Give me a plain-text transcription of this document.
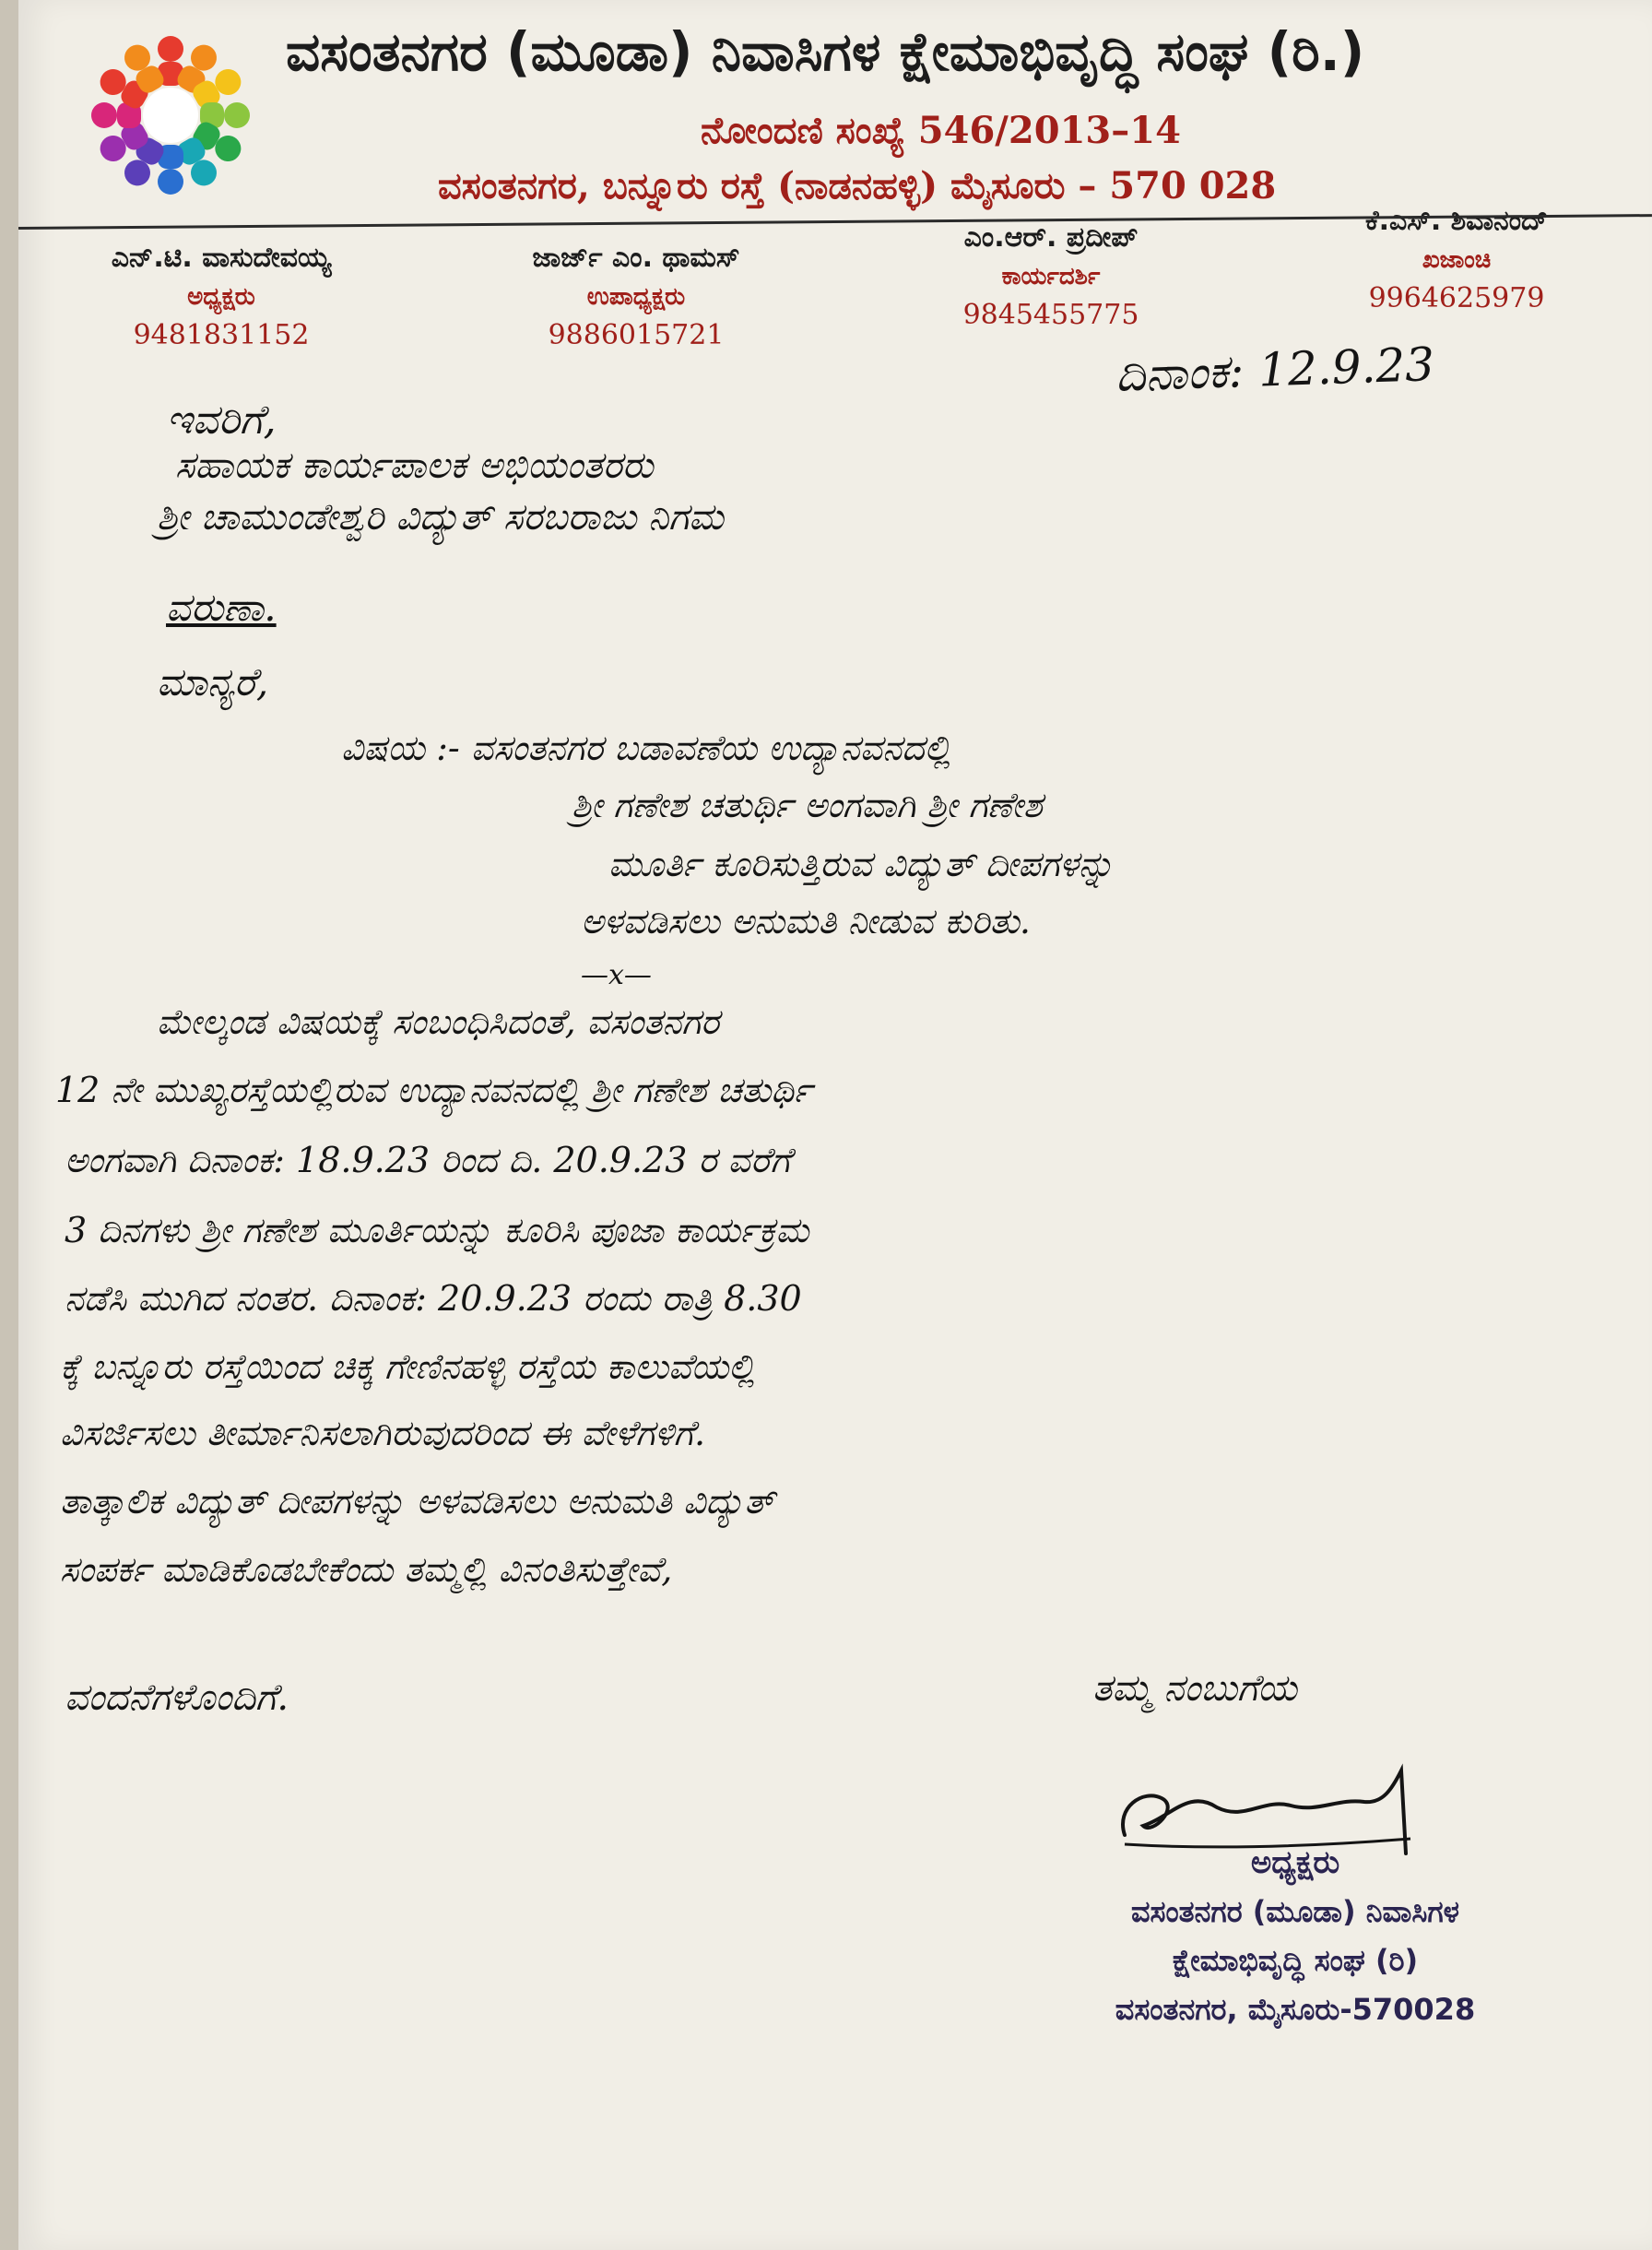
ವಸಂತನಗರ (ಮೂಡಾ) ನಿವಾಸಿಗಳ ಕ್ಷೇಮಾಭಿವೃದ್ಧಿ ಸಂಘ (ರಿ.)
ನೋಂದಣಿ ಸಂಖ್ಯೆ 546/2013–14
ವಸಂತನಗರ, ಬನ್ನೂರು ರಸ್ತೆ (ನಾಡನಹಳ್ಳಿ) ಮೈಸೂರು – 570 028
ಎನ್.ಟಿ. ವಾಸುದೇವಯ್ಯ
ಅಧ್ಯಕ್ಷರು
9481831152
ಜಾರ್ಜ್ ಎಂ. ಥಾಮಸ್
ಉಪಾಧ್ಯಕ್ಷರು
9886015721
ಎಂ.ಆರ್. ಪ್ರದೀಪ್
ಕಾರ್ಯದರ್ಶಿ
9845455775
ಕೆ.ಎಸ್. ಶಿವಾನಂದ್
ಖಜಾಂಚಿ
9964625979
ದಿನಾಂಕ: 12.9.23
ಇವರಿಗೆ,
ಸಹಾಯಕ ಕಾರ್ಯಪಾಲಕ ಅಭಿಯಂತರರು
ಶ್ರೀ ಚಾಮುಂಡೇಶ್ವರಿ ವಿದ್ಯುತ್ ಸರಬರಾಜು ನಿಗಮ
ವರುಣಾ.
ಮಾನ್ಯರೆ,
ವಿಷಯ :- ವಸಂತನಗರ ಬಡಾವಣೆಯ ಉದ್ಯಾನವನದಲ್ಲಿ
ಶ್ರೀ ಗಣೇಶ ಚತುರ್ಥಿ ಅಂಗವಾಗಿ ಶ್ರೀ ಗಣೇಶ
ಮೂರ್ತಿ ಕೂರಿಸುತ್ತಿರುವ ವಿದ್ಯುತ್ ದೀಪಗಳನ್ನು
ಅಳವಡಿಸಲು ಅನುಮತಿ ನೀಡುವ ಕುರಿತು.
—x—
ಮೇಲ್ಕಂಡ ವಿಷಯಕ್ಕೆ ಸಂಬಂಧಿಸಿದಂತೆ, ವಸಂತನಗರ
12 ನೇ ಮುಖ್ಯರಸ್ತೆಯಲ್ಲಿರುವ ಉದ್ಯಾನವನದಲ್ಲಿ ಶ್ರೀ ಗಣೇಶ ಚತುರ್ಥಿ
ಅಂಗವಾಗಿ ದಿನಾಂಕ: 18.9.23 ರಿಂದ ದಿ. 20.9.23 ರ ವರೆಗೆ
3 ದಿನಗಳು ಶ್ರೀ ಗಣೇಶ ಮೂರ್ತಿಯನ್ನು ಕೂರಿಸಿ ಪೂಜಾ ಕಾರ್ಯಕ್ರಮ
ನಡೆಸಿ ಮುಗಿದ ನಂತರ. ದಿನಾಂಕ: 20.9.23 ರಂದು ರಾತ್ರಿ 8.30
ಕ್ಕೆ ಬನ್ನೂರು ರಸ್ತೆಯಿಂದ ಚಿಕ್ಕ ಗೇಣಿನಹಳ್ಳಿ ರಸ್ತೆಯ ಕಾಲುವೆಯಲ್ಲಿ
ವಿಸರ್ಜಿಸಲು ತೀರ್ಮಾನಿಸಲಾಗಿರುವುದರಿಂದ ಈ ವೇಳೆಗಳಿಗೆ.
ತಾತ್ಕಾಲಿಕ ವಿದ್ಯುತ್ ದೀಪಗಳನ್ನು ಅಳವಡಿಸಲು ಅನುಮತಿ ವಿದ್ಯುತ್
ಸಂಪರ್ಕ ಮಾಡಿಕೊಡಬೇಕೆಂದು ತಮ್ಮಲ್ಲಿ ವಿನಂತಿಸುತ್ತೇವೆ,
ವಂದನೆಗಳೊಂದಿಗೆ.	ತಮ್ಮ ನಂಬುಗೆಯ
ಅಧ್ಯಕ್ಷರು
ವಸಂತನಗರ (ಮೂಡಾ) ನಿವಾಸಿಗಳ
ಕ್ಷೇಮಾಭಿವೃದ್ಧಿ ಸಂಘ (ರಿ)
ವಸಂತನಗರ, ಮೈಸೂರು-570028
